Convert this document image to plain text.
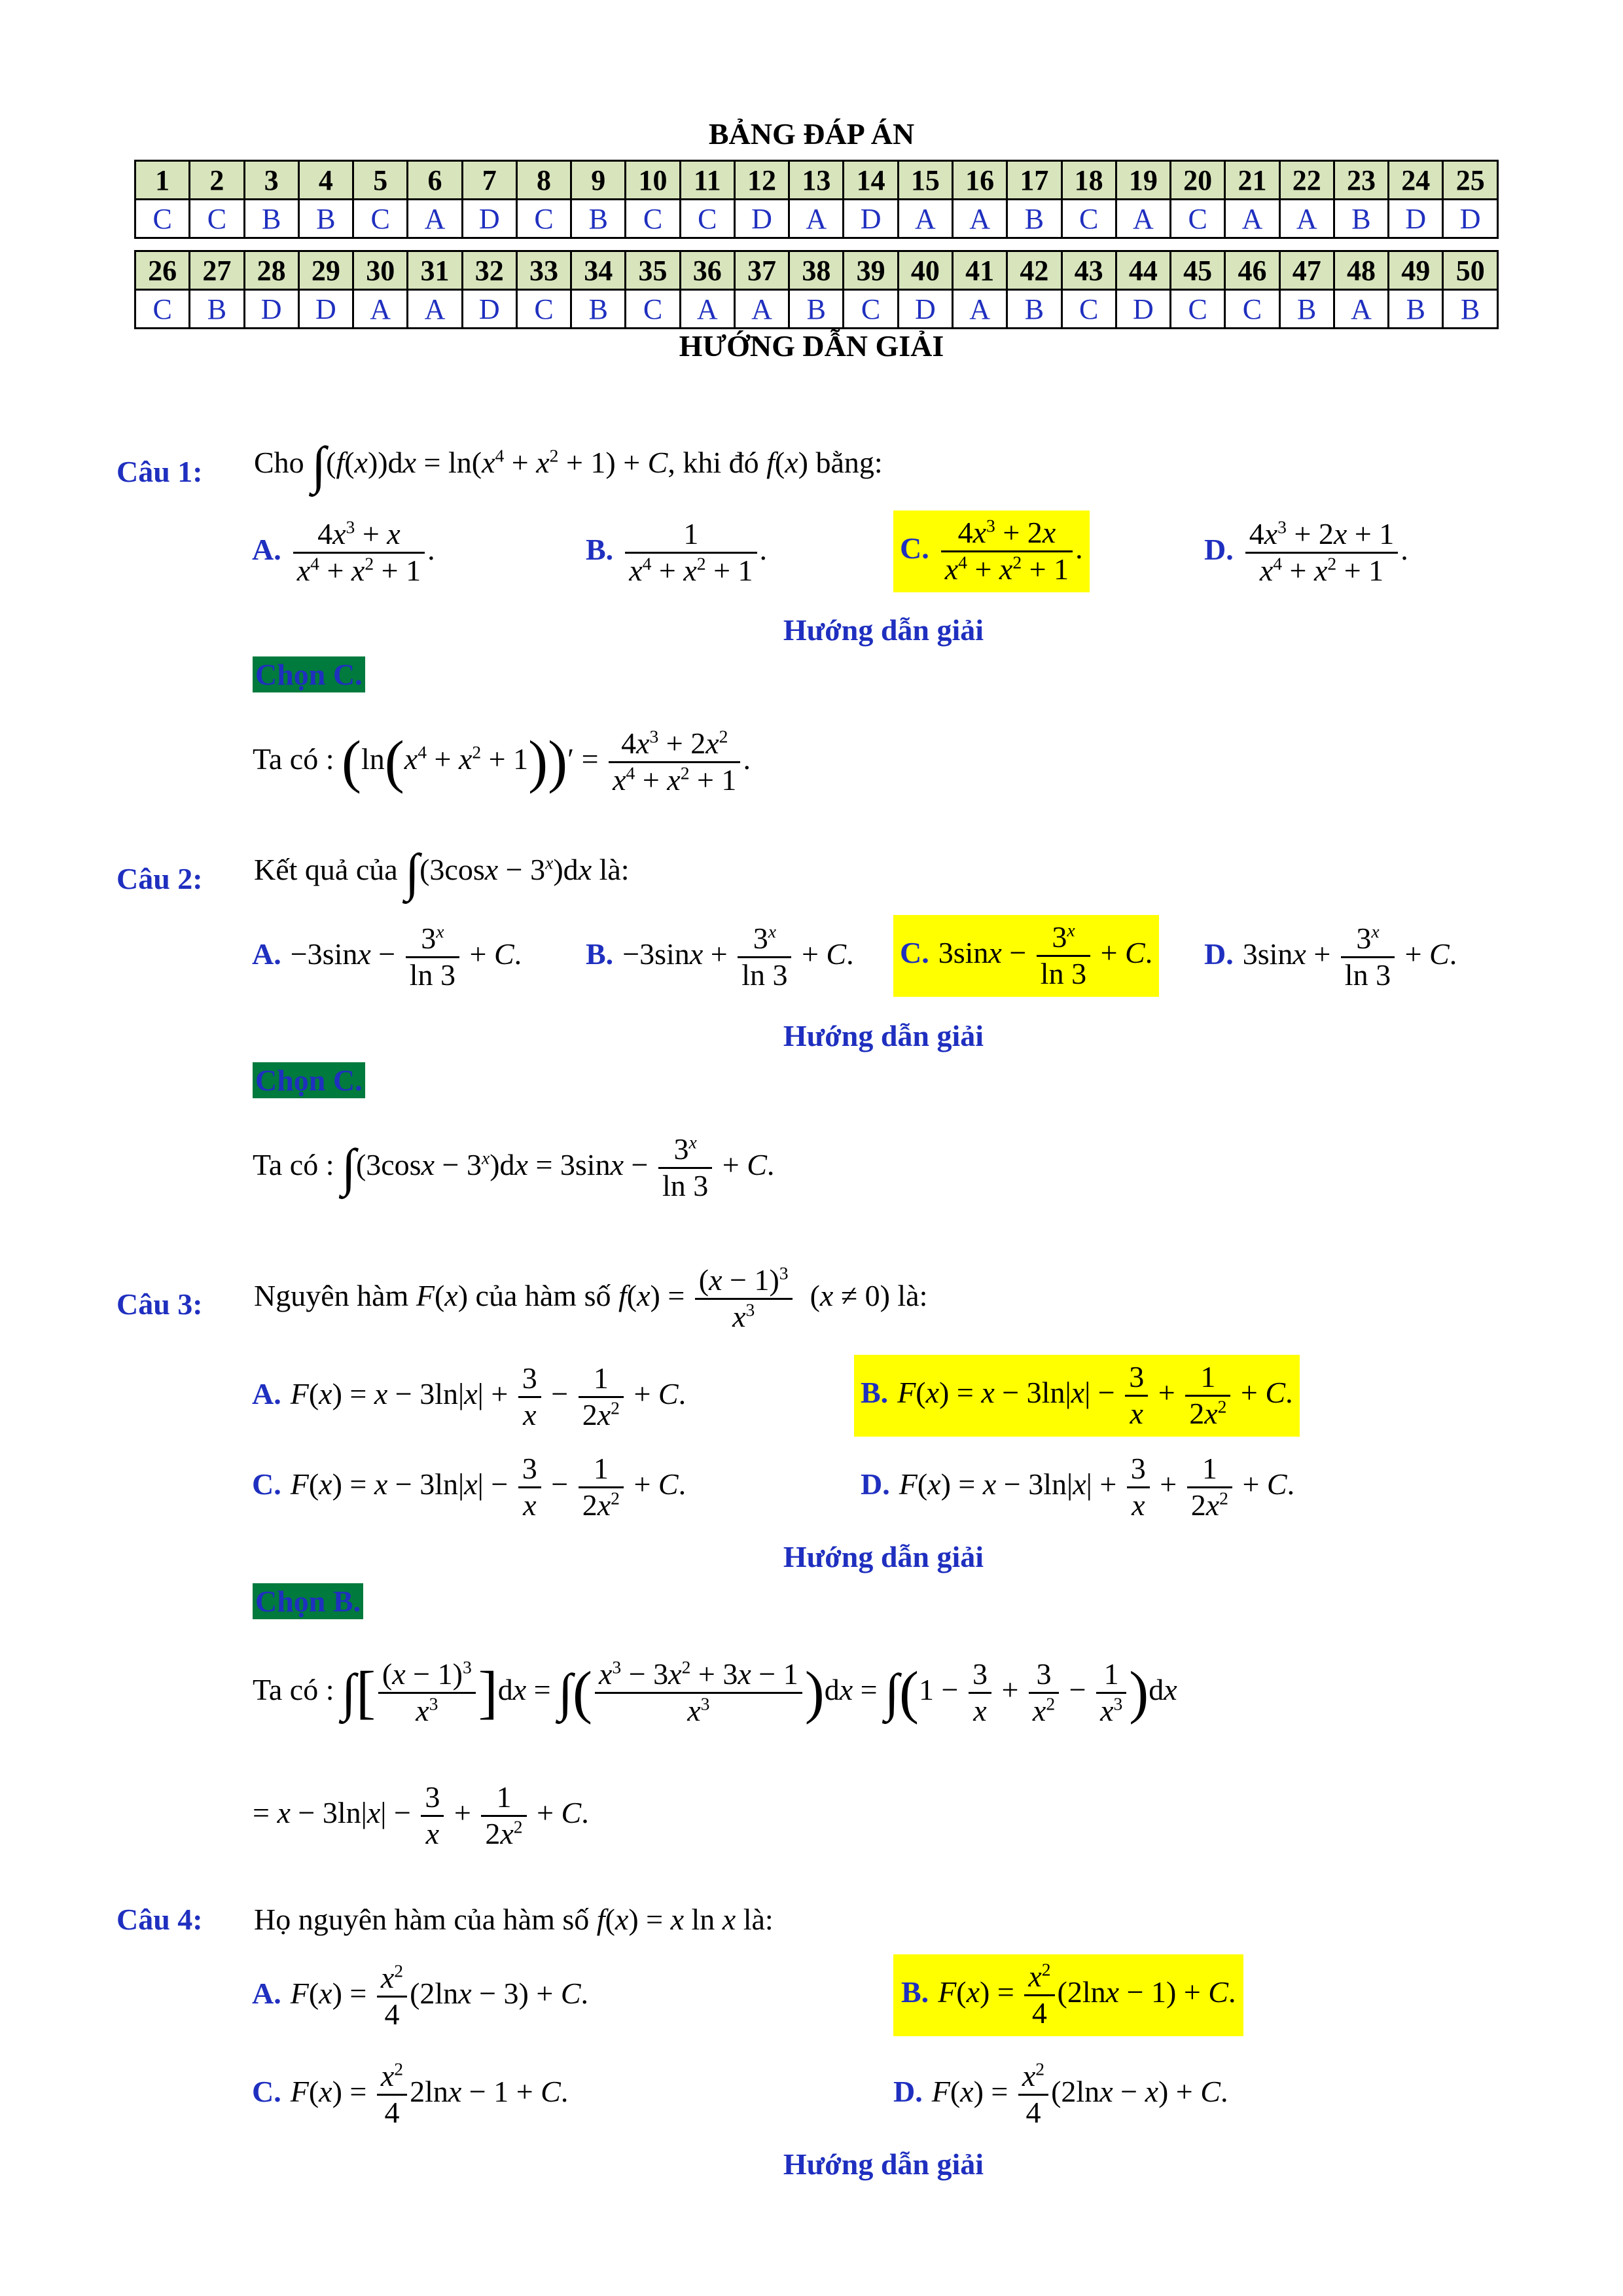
BẢNG ĐÁP ÁN
1	2	3	4	5	6	7	8	9	10	11	12	13	14	15	16	17	18	19	20	21	22	23	24	25
C	C	B	B	C	A	D	C	B	C	C	D	A	D	A	A	B	C	A	C	A	A	B	D	D
26	27	28	29	30	31	32	33	34	35	36	37	38	39	40	41	42	43	44	45	46	47	48	49	50
C	B	D	D	A	A	D	C	B	C	A	A	B	C	D	A	B	C	D	C	C	B	A	B	B
HƯỚNG DẪN GIẢI
Câu 1: Cho $\int(f(x))dx = \ln(x^4 + x^2 + 1) + C$, khi đó f(x) bằng:
A. $\frac{4x^3 + x}{x^4 + x^2 + 1}$ .	B. $\frac{1}{x^4 + x^2 + 1}$ .	C. $\frac{4x^3 + 2x}{x^4 + x^2 + 1}$ .	D. $\frac{4x^3 + 2x + 1}{x^4 + x^2 + 1}$ .
Hướng dẫn giải
Chọn C.
Ta có : $(\ln(x^4 + x^2 + 1))' = \frac{4x^3 + 2x^2}{x^4 + x^2 + 1}$ .
Câu 2: Kết quả của $\int(3\cos x - 3^x)dx$ là:
A. $-3\sin x - \frac{3^x}{\ln 3} + C$. B. $-3\sin x + \frac{3^x}{\ln 3} + C$. C. $3\sin x - \frac{3^x}{\ln 3} + C$. D. $3\sin x + \frac{3^x}{\ln 3} + C$.
Hướng dẫn giải
Chọn C.
Ta có : $\int(3\cos x - 3^x)dx = 3\sin x - \frac{3^x}{\ln 3} + C$.
Câu 3: Nguyên hàm F(x) của hàm số $f(x) = \frac{(x - 1)^3}{x^3} (x \ne 0)$ là:
A. $F(x) = x - 3\ln|x| + \frac{3}{x} - \frac{1}{2x^2} + C$.	B. $F(x) = x - 3\ln|x| - \frac{3}{x} + \frac{1}{2x^2} + C$.
C. $F(x) = x - 3\ln|x| - \frac{3}{x} - \frac{1}{2x^2} + C$.	D. $F(x) = x - 3\ln|x| + \frac{3}{x} + \frac{1}{2x^2} + C$.
Hướng dẫn giải
Chọn B.
Ta có : ∫[ $\frac{(x - 1)^3}{x^3} ]dx$ = ∫( $\frac{x^3 - 3x^2 + 3x - 1}{x^3} )dx = \int(1 - \frac{3}{x} + \frac{3}{x^2} - \frac{1}{x^3} )dx$
= $x - 3\ln|x| - \frac{3}{x} + \frac{1}{2x^2} + C$.
Câu 4: Họ nguyên hàm của hàm số f(x) = x ln x là:
A. $F(x) = \frac{x^2}{4} (2\ln x - 3) + C$.	B. $F(x) = \frac{x^2}{4} (2\ln x - 1) + C$.
C. $F(x) = \frac{x^2}{4} 2\ln x - 1 + C$.	D. $F(x) = \frac{x^2}{4} (2\ln x - x) + C$.
Hướng dẫn giải
